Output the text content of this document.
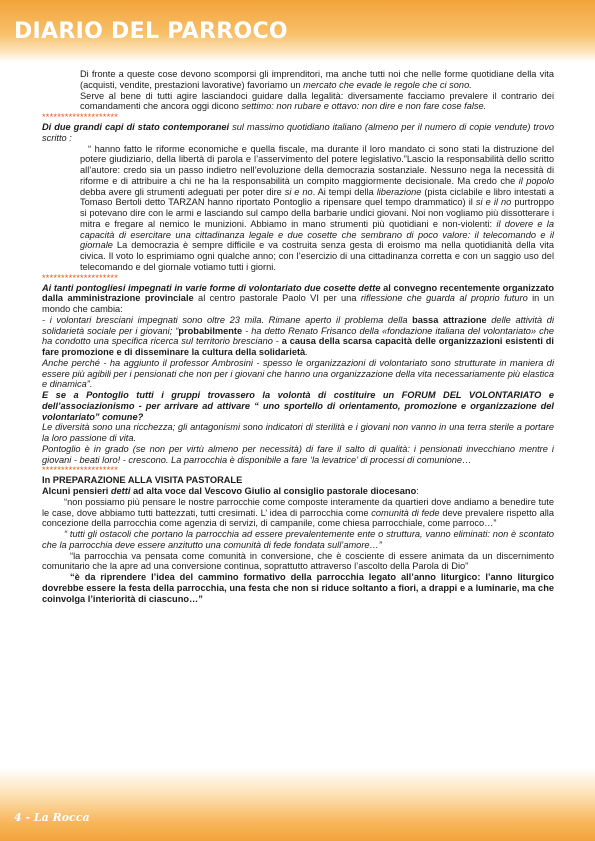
DIARIO DEL PARROCO

Di fronte a queste cose devono scomporsi gli imprenditori, ma anche tutti noi che nelle forme quotidiane della vita (acquisti, vendite, prestazioni lavorative) favoriamo un mercato che evade le regole che ci sono.

Serve al bene di tutti agire lasciandoci guidare dalla legalità: diversamente facciamo prevalere il contrario dei comandamenti che ancora oggi dicono settimo: non rubare e ottavo: non dire e non fare cose false.

********************

Di due grandi capi di stato contemporanei sul massimo quotidiano italiano (almeno per il numero di copie vendute) trovo scritto :

“ hanno fatto le riforme economiche e quella fiscale, ma durante il loro mandato ci sono stati la distruzione del potere giudiziario, della libertà di parola e l’asservimento del potere legislativo.”Lascio la responsabilità dello scritto all’autore: credo sia un passo indietro nell’evoluzione della democrazia sostanziale. Nessuno nega la necessità di riforme e di attribuire a chi ne ha la responsabilità un compito maggiormente decisionale. Ma credo che il popolo debba avere gli strumenti adeguati per poter dire si e no. Ai tempi della liberazione (pista ciclabile e libro intestati a Tomaso Bertoli detto TARZAN hanno riportato Pontoglio a ripensare quel tempo drammatico) il si e il no purtroppo si potevano dire con le armi e lasciando sul campo della barbarie undici giovani. Noi non vogliamo più dissotterare i mitra e fregare al nemico le munizioni. Abbiamo in mano strumenti più quotidiani e non-violenti: il dovere e la capacità di esercitare una cittadinanza legale e due cosette che sembrano di poco valore: il telecomando e il giornale La democrazia è sempre difficile e va costruita senza gesta di eroismo ma nella quotidianità della vita civica. Il voto lo esprimiamo ogni qualche anno; con l’esercizio di una cittadinanza corretta e con un saggio uso del telecomando e del giornale votiamo tutti i giorni.

********************

Ai tanti pontogliesi impegnati in varie forme di volontariato due cosette dette al convegno recentemente organizzato dalla amministrazione provinciale al centro pastorale Paolo VI per una riflessione che guarda al proprio futuro in un mondo che cambia:

- i volontari bresciani impegnati sono oltre 23 mila. Rimane aperto il problema della bassa attrazione delle attività di solidarietà sociale per i giovani; “probabilmente - ha detto Renato Frisanco della «fondazione italiana del volontariato» che ha condotto una specifica ricerca sul territorio bresciano - a causa della scarsa capacità delle organizzazioni esistenti di fare promozione e di disseminare la cultura della solidarietà.

Anche perché - ha aggiunto il professor Ambrosini - spesso le organizzazioni di volontariato sono strutturate in maniera di essere più agibili per i pensionati che non per i giovani che hanno una organizzazione della vita necessariamente più elastica e dinamica”.

E se a Pontoglio tutti i gruppi trovassero la volontà di costituire un FORUM DEL VOLONTARIATO e dell’associazionismo - per arrivare ad attivare “ uno sportello di orientamento, promozione e organizzazione del volontariato” comune?

Le diversità sono una ricchezza; gli antagonismi sono indicatori di sterilità e i giovani non vanno in una terra sterile a portare la loro passione di vita.

Pontoglio è in grado (se non per virtù almeno per necessità) di fare il salto di qualità: i pensionati invecchiano mentre i giovani - beati loro! - crescono. La parrocchia è disponibile a fare ‘la levatrice’ di processi di comunione…

********************

In PREPARAZIONE ALLA VISITA PASTORALE

Alcuni pensieri detti ad alta voce dal Vescovo Giulio al consiglio pastorale diocesano:

“non possiamo più pensare le nostre parrocchie come composte interamente da quartieri dove andiamo a benedire tute le case, dove abbiamo tutti battezzati, tutti cresimati. L’ idea di parrocchia come comunità di fede deve prevalere rispetto alla concezione della parrocchia come agenzia di servizi, di campanile, come chiesa parrocchiale, come parroco…”

“ tutti gli ostacoli che portano la parrocchia ad essere prevalentemente ente o struttura, vanno eliminati: non è scontato che la parrocchia deve essere anzitutto una comunità di fede fondata sull’amore…”

“la parrocchia va pensata come comunità in conversione, che è cosciente di essere animata da un discernimento comunitario che la apre ad una conversione continua, soprattutto attraverso l’ascolto della Parola di Dio”

“è da riprendere l’idea del cammino formativo della parrocchia legato all’anno liturgico: l’anno liturgico dovrebbe essere la festa della parrocchia, una festa che non si riduce soltanto a fiori, a drappi e a luminarie, ma che coinvolga l’interiorità di ciascuno…”

4 - La Rocca
